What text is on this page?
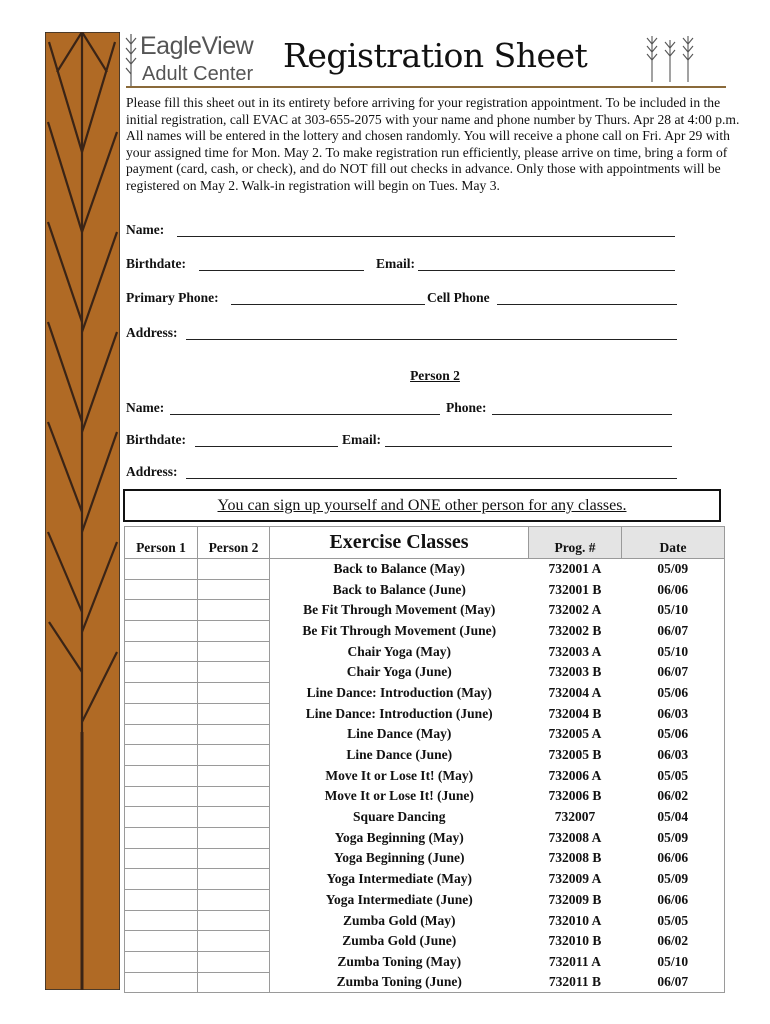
EagleView
Adult Center Registration Sheet
Please fill this sheet out in its entirety before arriving for your registration appointment. To be included in the initial registration, call EVAC at 303-655-2075 with your name and phone number by Thurs. Apr 28 at 4:00 p.m. All names will be entered in the lottery and chosen randomly. You will receive a phone call on Fri. Apr 29 with your assigned time for Mon. May 2. To make registration run efficiently, please arrive on time, bring a form of payment (card, cash, or check), and do NOT fill out checks in advance. Only those with appointments will be registered on May 2. Walk-in registration will begin on Tues. May 3.
Name:
Birthdate:	Email:
Primary Phone:	Cell Phone
Address:
Person 2
Name:	Phone:
Birthdate:	Email:
Address:
You can sign up yourself and ONE other person for any classes.
Person 1	Person 2	Exercise Classes	Prog. #	Date
		Back to Balance (May)	732001 A	05/09
		Back to Balance (June)	732001 B	06/06
		Be Fit Through Movement (May)	732002 A	05/10
		Be Fit Through Movement (June)	732002 B	06/07
		Chair Yoga (May)	732003 A	05/10
		Chair Yoga (June)	732003 B	06/07
		Line Dance: Introduction (May)	732004 A	05/06
		Line Dance: Introduction (June)	732004 B	06/03
		Line Dance (May)	732005 A	05/06
		Line Dance (June)	732005 B	06/03
		Move It or Lose It! (May)	732006 A	05/05
		Move It or Lose It! (June)	732006 B	06/02
		Square Dancing	732007	05/04
		Yoga Beginning (May)	732008 A	05/09
		Yoga Beginning (June)	732008 B	06/06
		Yoga Intermediate (May)	732009 A	05/09
		Yoga Intermediate (June)	732009 B	06/06
		Zumba Gold (May)	732010 A	05/05
		Zumba Gold (June)	732010 B	06/02
		Zumba Toning (May)	732011 A	05/10
		Zumba Toning (June)	732011 B	06/07
